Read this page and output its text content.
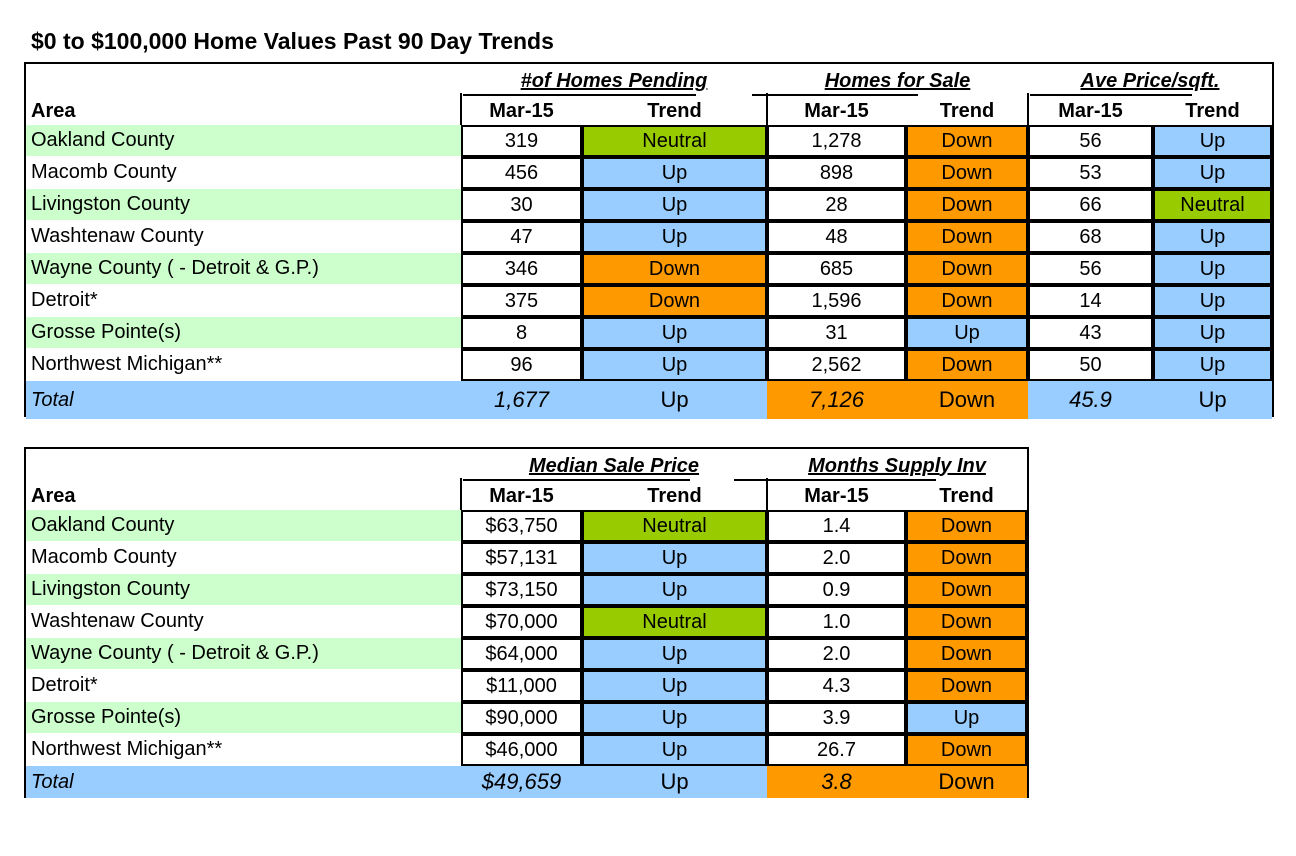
$0 to $100,000 Home Values Past 90 Day Trends
Area
#of Homes Pending
Mar-15	Trend
Homes for Sale
Mar-15	Trend
Ave Price/sqft.
Mar-15	Trend
Oakland County	319	Neutral	1,278	Down	56	Up
Macomb County	456	Up	898	Down	53	Up
Livingston County	30	Up	28	Down	66	Neutral
Washtenaw County	47	Up	48	Down	68	Up
Wayne County ( - Detroit & G.P.)	346	Down	685	Down	56	Up
Detroit*	375	Down	1,596	Down	14	Up
Grosse Pointe(s)	8	Up	31	Up	43	Up
Northwest Michigan**	96	Up	2,562	Down	50	Up
Total	1,677	Up	7,126	Down	45.9	Up
Area
Median Sale Price
Mar-15	Trend
Months Supply Inv
Mar-15	Trend
Oakland County	$63,750	Neutral	1.4	Down
Macomb County	$57,131	Up	2.0	Down
Livingston County	$73,150	Up	0.9	Down
Washtenaw County	$70,000	Neutral	1.0	Down
Wayne County ( - Detroit & G.P.)	$64,000	Up	2.0	Down
Detroit*	$11,000	Up	4.3	Down
Grosse Pointe(s)	$90,000	Up	3.9	Up
Northwest Michigan**	$46,000	Up	26.7	Down
Total	$49,659	Up	3.8	Down
